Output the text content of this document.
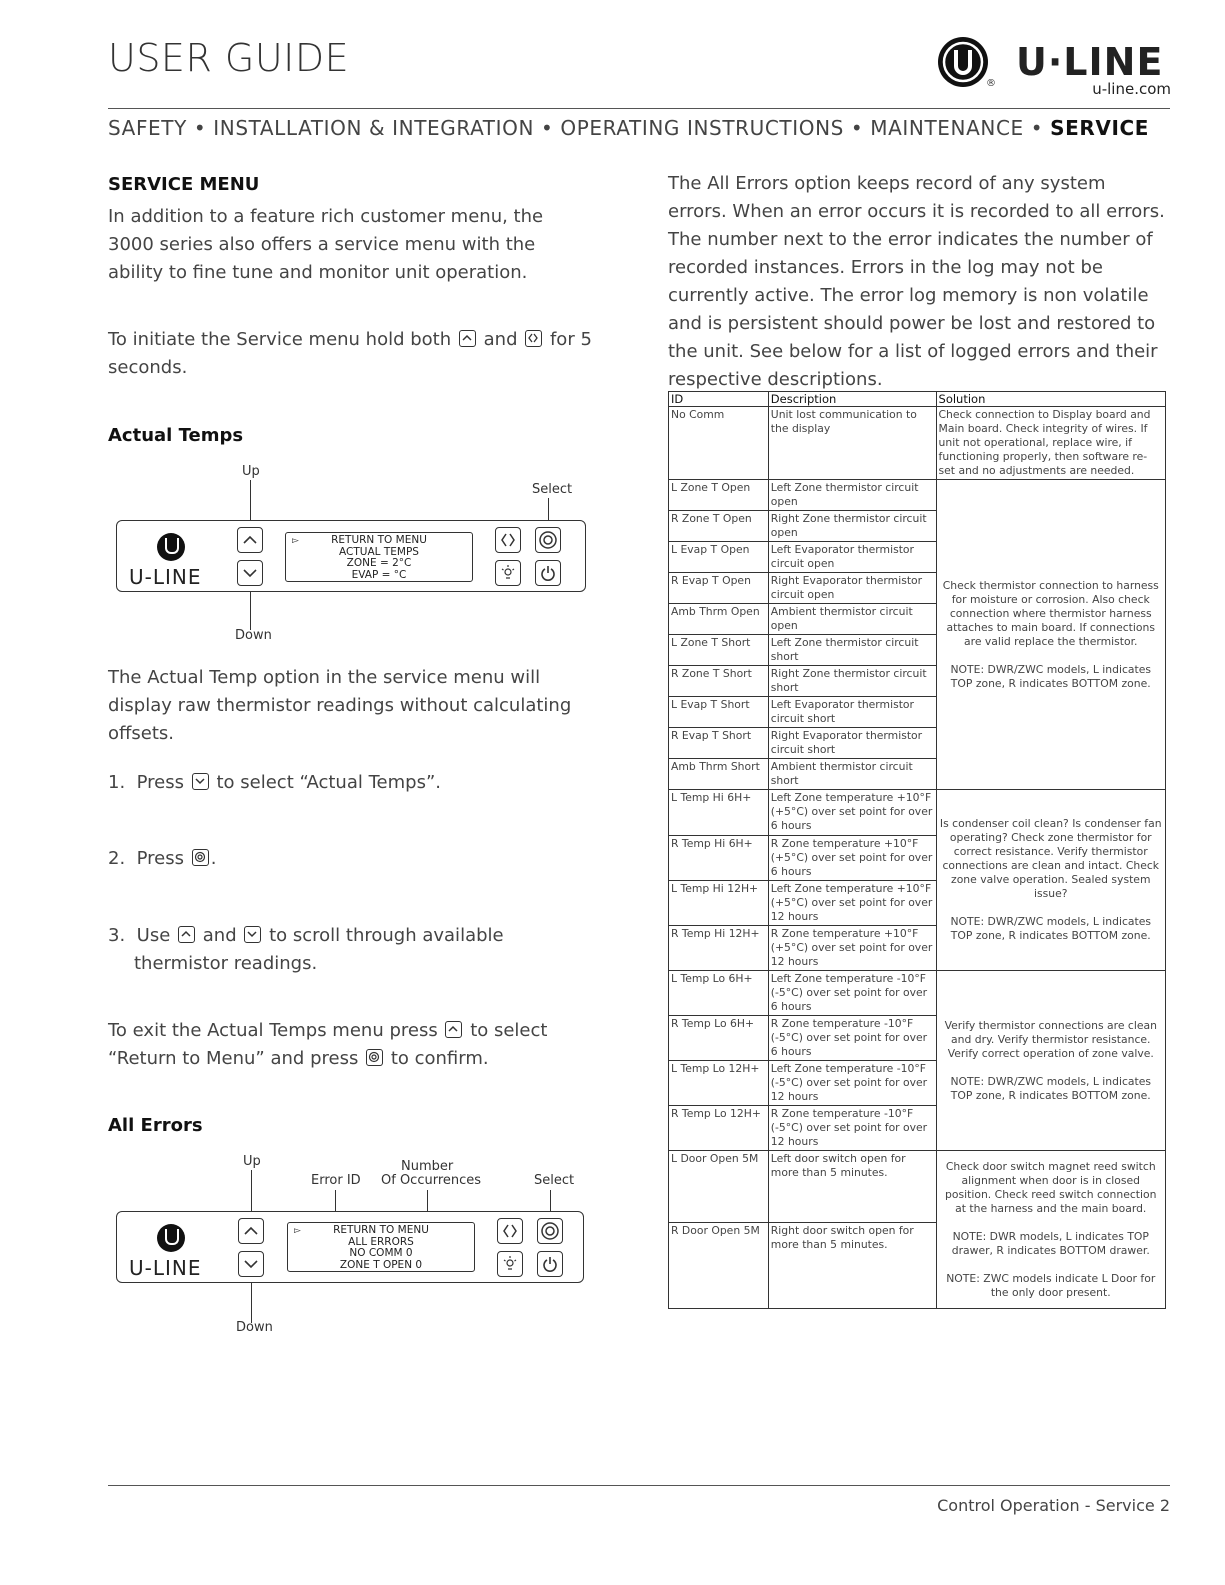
USER GUIDE	U·LINE
®	u-line.com
SAFETY • INSTALLATION & INTEGRATION • OPERATING INSTRUCTIONS • MAINTENANCE • SERVICE
SERVICE MENU
In addition to a feature rich customer menu, the 3000 series also offers a service menu with the ability to fine tune and monitor unit operation.
To initiate the Service menu hold both and for 5 seconds.
Actual Temps
Up
Select
U-LINE
▻	RETURN TO MENU
ACTUAL TEMPS
ZONE = 2°C
EVAP = °C
Down
The Actual Temp option in the service menu will display raw thermistor readings without calculating offsets.
1. Press to select “Actual Temps”.
2. Press .
3. Use and to scroll through available thermistor readings.
To exit the Actual Temps menu press to select “Return to Menu” and press to confirm.
All Errors
Up	Number
Of Occurrences
Error ID	Select
U-LINE
▻	RETURN TO MENU
ALL ERRORS
NO COMM 0
ZONE T OPEN 0
Down
The All Errors option keeps record of any system errors. When an error occurs it is recorded to all errors. The number next to the error indicates the number of recorded instances. Errors in the log may not be currently active. The error log memory is non volatile and is persistent should power be lost and restored to the unit. See below for a list of logged errors and their respective descriptions.
ID	Description	Solution
No Comm	Unit lost communication to the display	Check connection to Display board and Main board. Check integrity of wires. If unit not operational, replace wire, if functioning properly, then software re-set and no adjustments are needed.
L Zone T Open	Left Zone thermistor circuit open	Check thermistor connection to harness for moisture or corrosion. Also check connection where thermistor harness attaches to main board. If connections are valid replace the thermistor.

NOTE: DWR/ZWC models, L indicates TOP zone, R indicates BOTTOM zone.

R Zone T Open	Right Zone thermistor circuit open	
L Evap T Open	Left Evaporator thermistor circuit open	
R Evap T Open	Right Evaporator thermistor circuit open	
Amb Thrm Open	Ambient thermistor circuit open	
L Zone T Short	Left Zone thermistor circuit short	
R Zone T Short	Right Zone thermistor circuit short	
L Evap T Short	Left Evaporator thermistor circuit short	
R Evap T Short	Right Evaporator thermistor circuit short	
Amb Thrm Short	Ambient thermistor circuit short	
L Temp Hi 6H+	Left Zone temperature +10°F (+5°C) over set point for over 6 hours	Is condenser coil clean? Is condenser fan operating? Check zone thermistor for correct resistance. Verify thermistor connections are clean and intact. Check zone valve operation. Sealed system issue?

NOTE: DWR/ZWC models, L indicates TOP zone, R indicates BOTTOM zone.

R Temp Hi 6H+	R Zone temperature +10°F (+5°C) over set point for over 6 hours	
L Temp Hi 12H+	Left Zone temperature +10°F (+5°C) over set point for over 12 hours	
R Temp Hi 12H+	R Zone temperature +10°F (+5°C) over set point for over 12 hours	
L Temp Lo 6H+	Left Zone temperature -10°F (-5°C) over set point for over 6 hours	Verify thermistor connections are clean and dry. Verify thermistor resistance. Verify correct operation of zone valve.

NOTE: DWR/ZWC models, L indicates TOP zone, R indicates BOTTOM zone.

R Temp Lo 6H+	R Zone temperature -10°F (-5°C) over set point for over 6 hours	
L Temp Lo 12H+	Left Zone temperature -10°F (-5°C) over set point for over 12 hours	
R Temp Lo 12H+	R Zone temperature -10°F (-5°C) over set point for over 12 hours	
L Door Open 5M	Left door switch open for more than 5 minutes.	Check door switch magnet reed switch alignment when door is in closed position. Check reed switch connection at the harness and the main board.

NOTE: DWR models, L indicates TOP drawer, R indicates BOTTOM drawer.

NOTE: ZWC models indicate L Door for the only door present.

R Door Open 5M	Right door switch open for more than 5 minutes.	
Control Operation - Service 2
